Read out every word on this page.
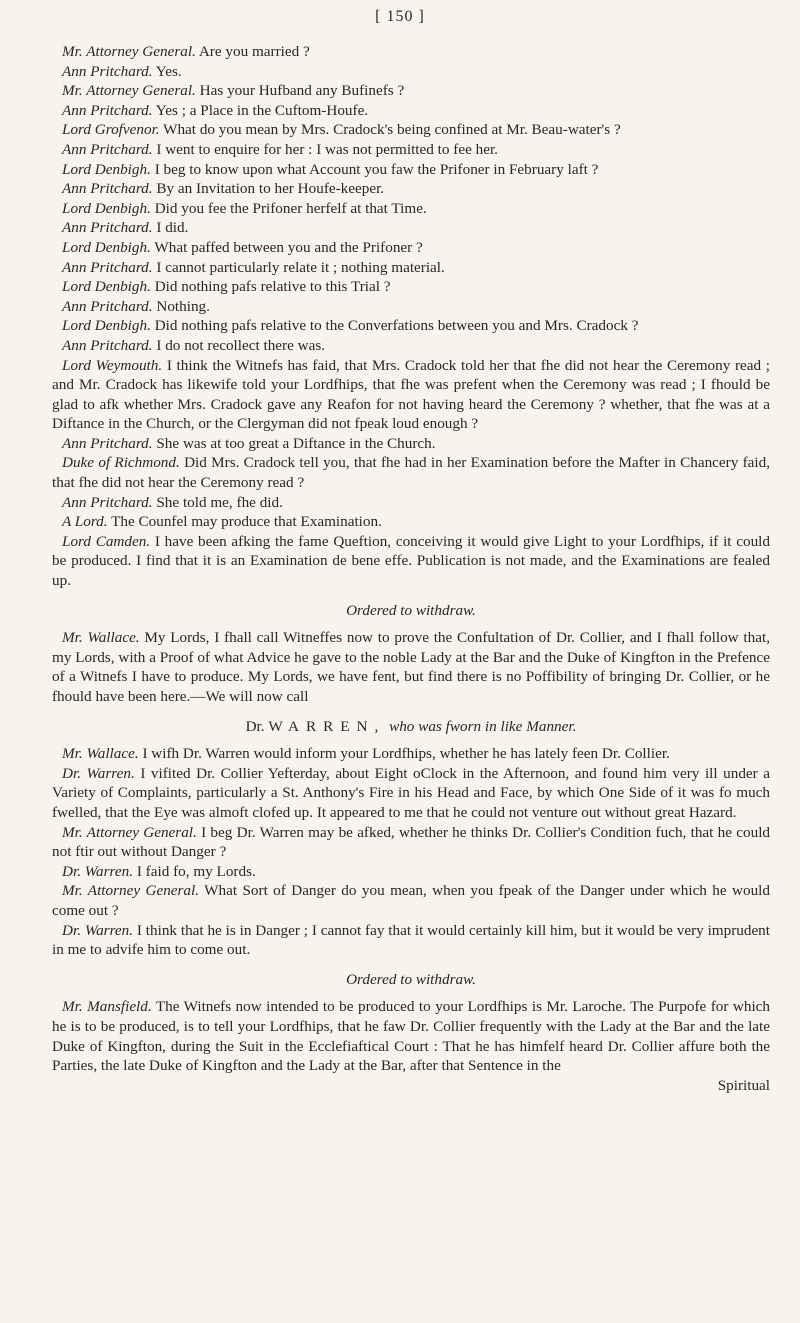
[ 150 ]

Mr. Attorney General. Are you married ?

Ann Pritchard. Yes.

Mr. Attorney General. Has your Hufband any Bufinefs ?

Ann Pritchard. Yes ; a Place in the Cuftom-Houfe.

Lord Grofvenor. What do you mean by Mrs. Cradock's being confined at Mr. Beau-water's ?

Ann Pritchard. I went to enquire for her : I was not permitted to fee her.

Lord Denbigh. I beg to know upon what Account you faw the Prifoner in February laft ?

Ann Pritchard. By an Invitation to her Houfe-keeper.

Lord Denbigh. Did you fee the Prifoner herfelf at that Time.

Ann Pritchard. I did.

Lord Denbigh. What paffed between you and the Prifoner ?

Ann Pritchard. I cannot particularly relate it ; nothing material.

Lord Denbigh. Did nothing pafs relative to this Trial ?

Ann Pritchard. Nothing.

Lord Denbigh. Did nothing pafs relative to the Converfations between you and Mrs. Cradock ?

Ann Pritchard. I do not recollect there was.

Lord Weymouth. I think the Witnefs has faid, that Mrs. Cradock told her that fhe did not hear the Ceremony read ; and Mr. Cradock has likewife told your Lordfhips, that fhe was prefent when the Ceremony was read ; I fhould be glad to afk whether Mrs. Cradock gave any Reafon for not having heard the Ceremony ? whether, that fhe was at a Diftance in the Church, or the Clergyman did not fpeak loud enough ?

Ann Pritchard. She was at too great a Diftance in the Church.

Duke of Richmond. Did Mrs. Cradock tell you, that fhe had in her Examination before the Mafter in Chancery faid, that fhe did not hear the Ceremony read ?

Ann Pritchard. She told me, fhe did.

A Lord. The Counfel may produce that Examination.

Lord Camden. I have been afking the fame Queftion, conceiving it would give Light to your Lordfhips, if it could be produced. I find that it is an Examination de bene effe. Publication is not made, and the Examinations are fealed up.

Ordered to withdraw.

Mr. Wallace. My Lords, I fhall call Witneffes now to prove the Confultation of Dr. Collier, and I fhall follow that, my Lords, with a Proof of what Advice he gave to the noble Lady at the Bar and the Duke of Kingfton in the Prefence of a Witnefs I have to produce. My Lords, we have fent, but find there is no Poffibility of bringing Dr. Collier, or he fhould have been here.—We will now call

Dr. WARREN, who was fworn in like Manner.

Mr. Wallace. I wifh Dr. Warren would inform your Lordfhips, whether he has lately feen Dr. Collier.

Dr. Warren. I vifited Dr. Collier Yefterday, about Eight oClock in the Afternoon, and found him very ill under a Variety of Complaints, particularly a St. Anthony's Fire in his Head and Face, by which One Side of it was fo much fwelled, that the Eye was almoft clofed up. It appeared to me that he could not venture out without great Hazard.

Mr. Attorney General. I beg Dr. Warren may be afked, whether he thinks Dr. Collier's Condition fuch, that he could not ftir out without Danger ?

Dr. Warren. I faid fo, my Lords.

Mr. Attorney General. What Sort of Danger do you mean, when you fpeak of the Danger under which he would come out ?

Dr. Warren. I think that he is in Danger ; I cannot fay that it would certainly kill him, but it would be very imprudent in me to advife him to come out.

Ordered to withdraw.

Mr. Mansfield. The Witnefs now intended to be produced to your Lordfhips is Mr. Laroche. The Purpofe for which he is to be produced, is to tell your Lordfhips, that he faw Dr. Collier frequently with the Lady at the Bar and the late Duke of Kingfton, during the Suit in the Ecclefiaftical Court : That he has himfelf heard Dr. Collier affure both the Parties, the late Duke of Kingfton and the Lady at the Bar, after that Sentence in the

Spiritual
